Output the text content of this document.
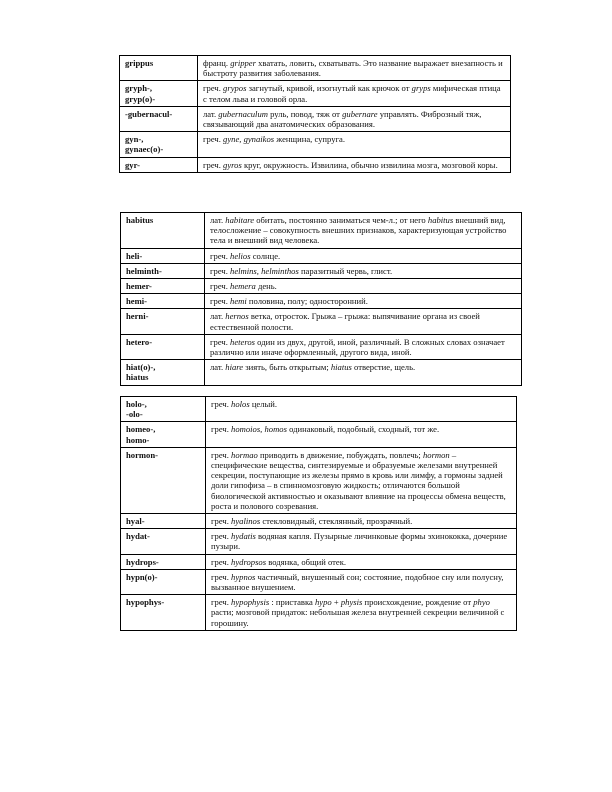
grippus	франц. gripper хватать, ловить, схватывать. Это название выражает внезапность и быстроту развития заболевания.
gryph-,
gryp(o)-	греч. grypos загнутый, кривой, изогнутый как крючок от gryps мифическая птица с телом льва и головой орла.
-gubernacul-	лат. gubernaculum руль, повод, тяж от gubernare управлять. Фиброзный тяж, связывающий два анатомических образования.
gyn-,
gynaec(o)-	греч. gyne, gynaikos женщина, супруга.
gyr-	греч. gyros круг, окружность. Извилина, обычно извилина мозга, мозговой коры.
habitus	лат. habitare обитать, постоянно заниматься чем-л.; от него habitus внешний вид, телосложение – совокупность внешних признаков, характеризующая устройство тела и внешний вид человека.
heli-	греч. helios солнце.
helminth-	греч. helmins, helminthos паразитный червь, глист.
hemer-	греч. hemera день.
hemi-	греч. hemi половина, полу; односторонний.
herni-	лат. hernos ветка, отросток. Грыжа – грыжа: выпячивание органа из своей естественной полости.
hetero-	греч. heteros один из двух, другой, иной, различный. В сложных словах означает различно или иначе оформленный, другого вида, иной.
hiat(o)-,
hiatus	лат. hiare зиять, быть открытым; hiatus отверстие, щель.
holo-,
-olo-	греч. holos целый.
homeo-,
homo-	греч. homoios, homos одинаковый, подобный, сходный, тот же.
hormon-	греч. hormao приводить в движение, побуждать, повлечь; hormon – специфические вещества, синтезируемые и образуемые железами внутренней секреции, поступающие из железы прямо в кровь или лимфу, а гормоны задней доли гипофиза – в спинномозговую жидкость; отличаются большой биологической активностью и оказывают влияние на процессы обмена веществ, роста и полового созревания.
hyal-	греч. hyalinos стекловидный, стеклянный, прозрачный.
hydat-	греч. hydatis водяная капля. Пузырные личинковые формы эхинококка, дочерние пузыри.
hydrops-	греч. hydropsos водянка, общий отек.
hypn(o)-	греч. hypnos частичный, внушенный сон; состояние, подобное сну или полусну, вызванное внушением.
hypophys-	греч. hypophysis : приставка hypo + physis происхождение, рождение от phyo расти; мозговой придаток: небольшая железа внутренней секреции величиной с горошину.
